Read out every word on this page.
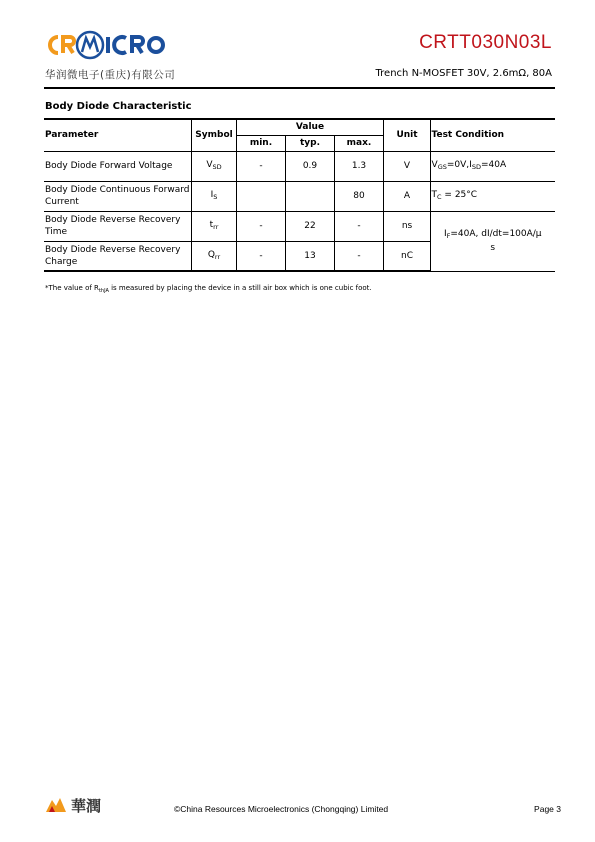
华润微电子(重庆)有限公司
CRTT030N03L
Trench N-MOSFET 30V, 2.6mΩ, 80A
Body Diode Characteristic
Parameter	Symbol	Value			Unit	Test Condition
		min.	typ.	max.		
Body Diode Forward Voltage	$V_{SD}$	-	0.9	1.3	V	$V_{GS}=0V,I_{SD}=40A$
Body Diode Continuous Forward Current	$I_S$			80	A	$T_C = 25^\circ C$
Body Diode Reverse Recovery Time	$t_{rr}$	-	22	-	ns	$I_F=40A$, dI/dt=100A/μ
s
Body Diode Reverse Recovery Charge	$Q_{rr}$	-	13	-	nC	
*The value of $R_{thJA}$ is measured by placing the device in a still air box which is one cubic foot.
華潤	©China Resources Microelectronics (Chongqing) Limited	Page 3
